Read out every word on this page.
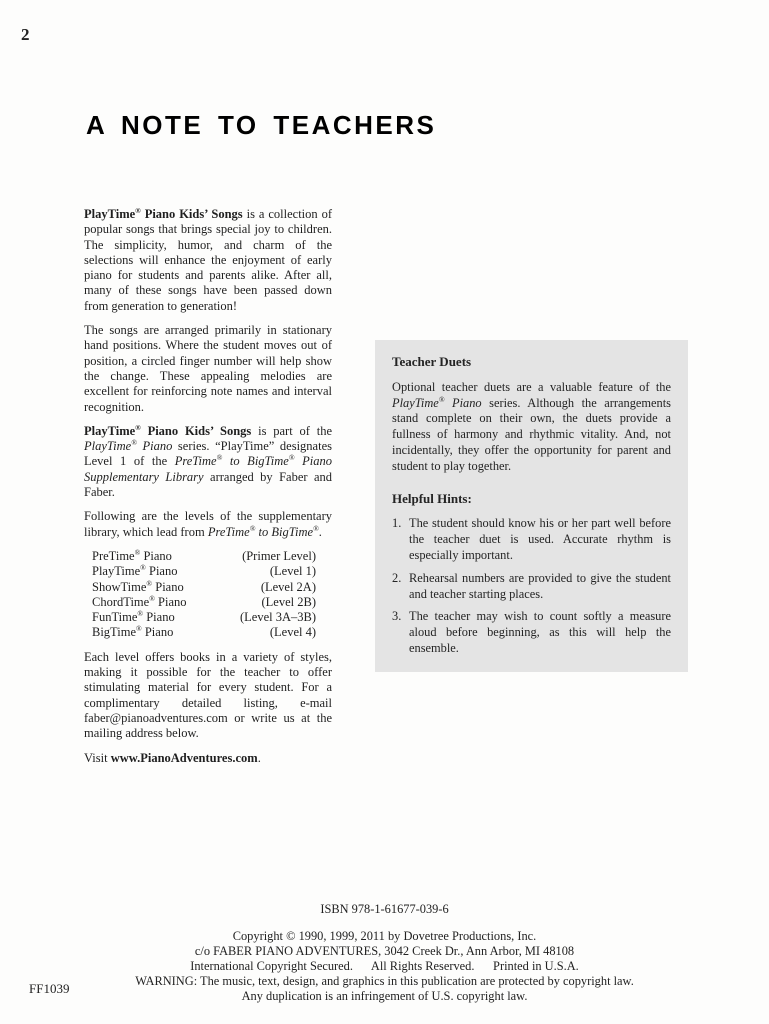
2
A NOTE TO TEACHERS

PlayTime® Piano Kids’ Songs is a collection of popular songs that brings special joy to children. The simplicity, humor, and charm of the selections will enhance the enjoyment of early piano for students and parents alike. After all, many of these songs have been passed down from generation to generation!

The songs are arranged primarily in stationary hand positions. Where the student moves out of position, a circled finger number will help show the change. These appealing melodies are excellent for reinforcing note names and interval recognition.

PlayTime® Piano Kids’ Songs is part of the PlayTime® Piano series. “PlayTime” designates Level 1 of the PreTime® to BigTime® Piano Supplementary Library arranged by Faber and Faber.

Following are the levels of the supplementary library, which lead from PreTime® to BigTime®.

PreTime® Piano	(Primer Level)
PlayTime® Piano	(Level 1)
ShowTime® Piano	(Level 2A)
ChordTime® Piano	(Level 2B)
FunTime® Piano	(Level 3A–3B)
BigTime® Piano	(Level 4)

Each level offers books in a variety of styles, making it possible for the teacher to offer stimulating material for every student. For a complimentary detailed listing, e-mail faber@pianoadventures.com or write us at the mailing address below.

Visit www.PianoAdventures.com.

Teacher Duets

Optional teacher duets are a valuable feature of the PlayTime® Piano series. Although the arrangements stand complete on their own, the duets provide a fullness of harmony and rhythmic vitality. And, not incidentally, they offer the opportunity for parent and student to play together.

Helpful Hints:
1. The student should know his or her part well before the teacher duet is used. Accurate rhythm is especially important.
2. Rehearsal numbers are provided to give the student and teacher starting places.
3. The teacher may wish to count softly a measure aloud before beginning, as this will help the ensemble.
ISBN 978-1-61677-039-6
Copyright © 1990, 1999, 2011 by Dovetree Productions, Inc.
c/o FABER PIANO ADVENTURES, 3042 Creek Dr., Ann Arbor, MI 48108
International Copyright Secured.      All Rights Reserved.      Printed in U.S.A.
WARNING: The music, text, design, and graphics in this publication are protected by copyright law.
Any duplication is an infringement of U.S. copyright law.
FF1039
